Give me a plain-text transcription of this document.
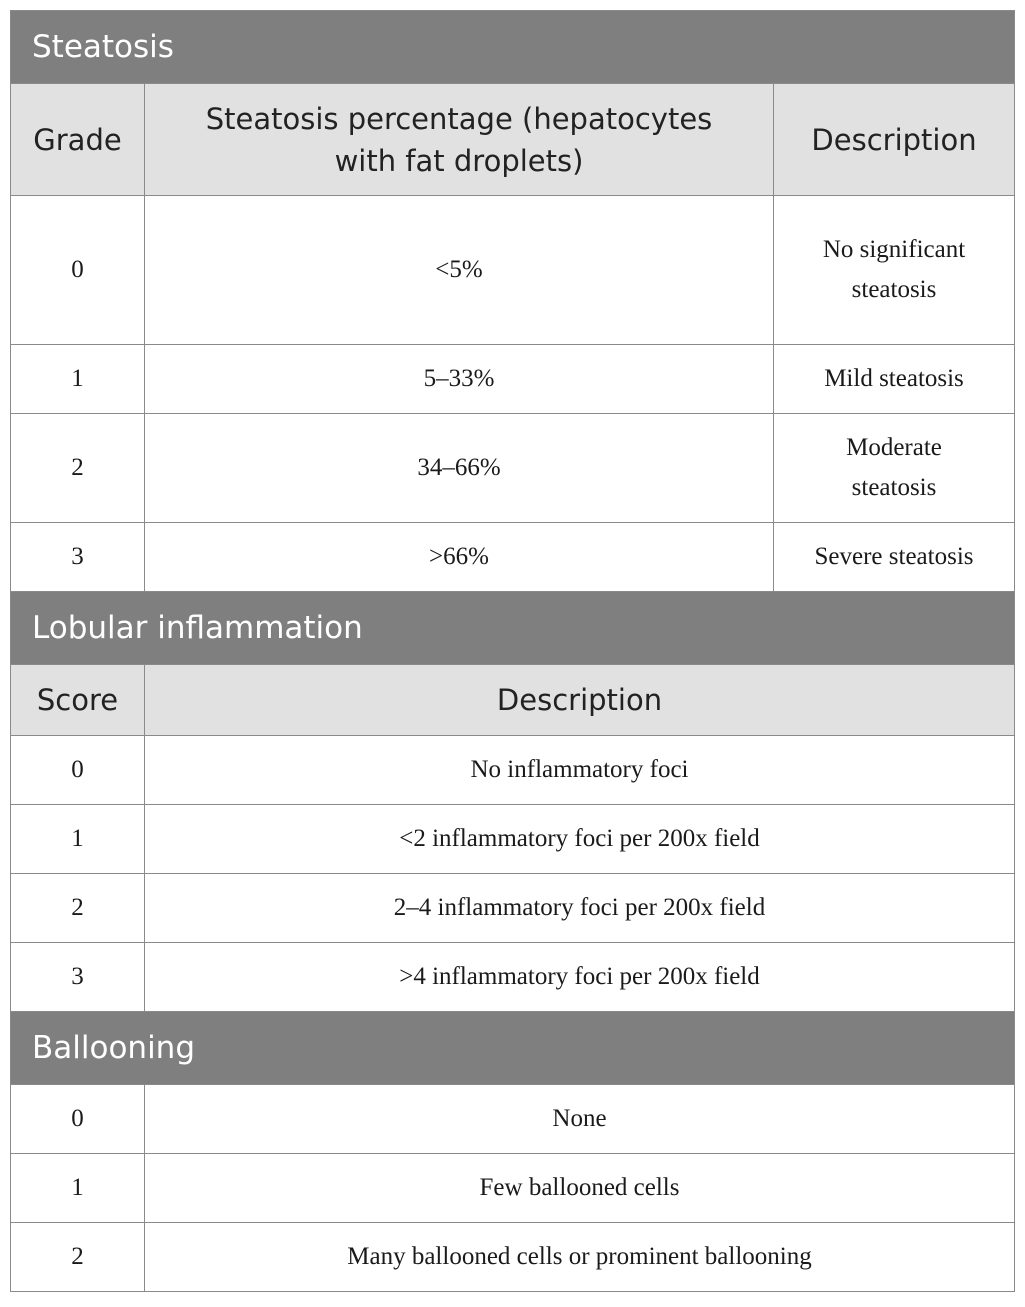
Steatosis		
Grade	Steatosis percentage (hepatocytes with fat droplets)	Description
0	<5%	No significant steatosis
1	5–33%	Mild steatosis
2	34–66%	Moderate steatosis
3	>66%	Severe steatosis
Lobular inflammation		
Score	Description	
0	No inflammatory foci	
1	<2 inflammatory foci per 200x field	
2	2–4 inflammatory foci per 200x field	
3	>4 inflammatory foci per 200x field	
Ballooning		
0	None	
1	Few ballooned cells	
2	Many ballooned cells or prominent ballooning	
